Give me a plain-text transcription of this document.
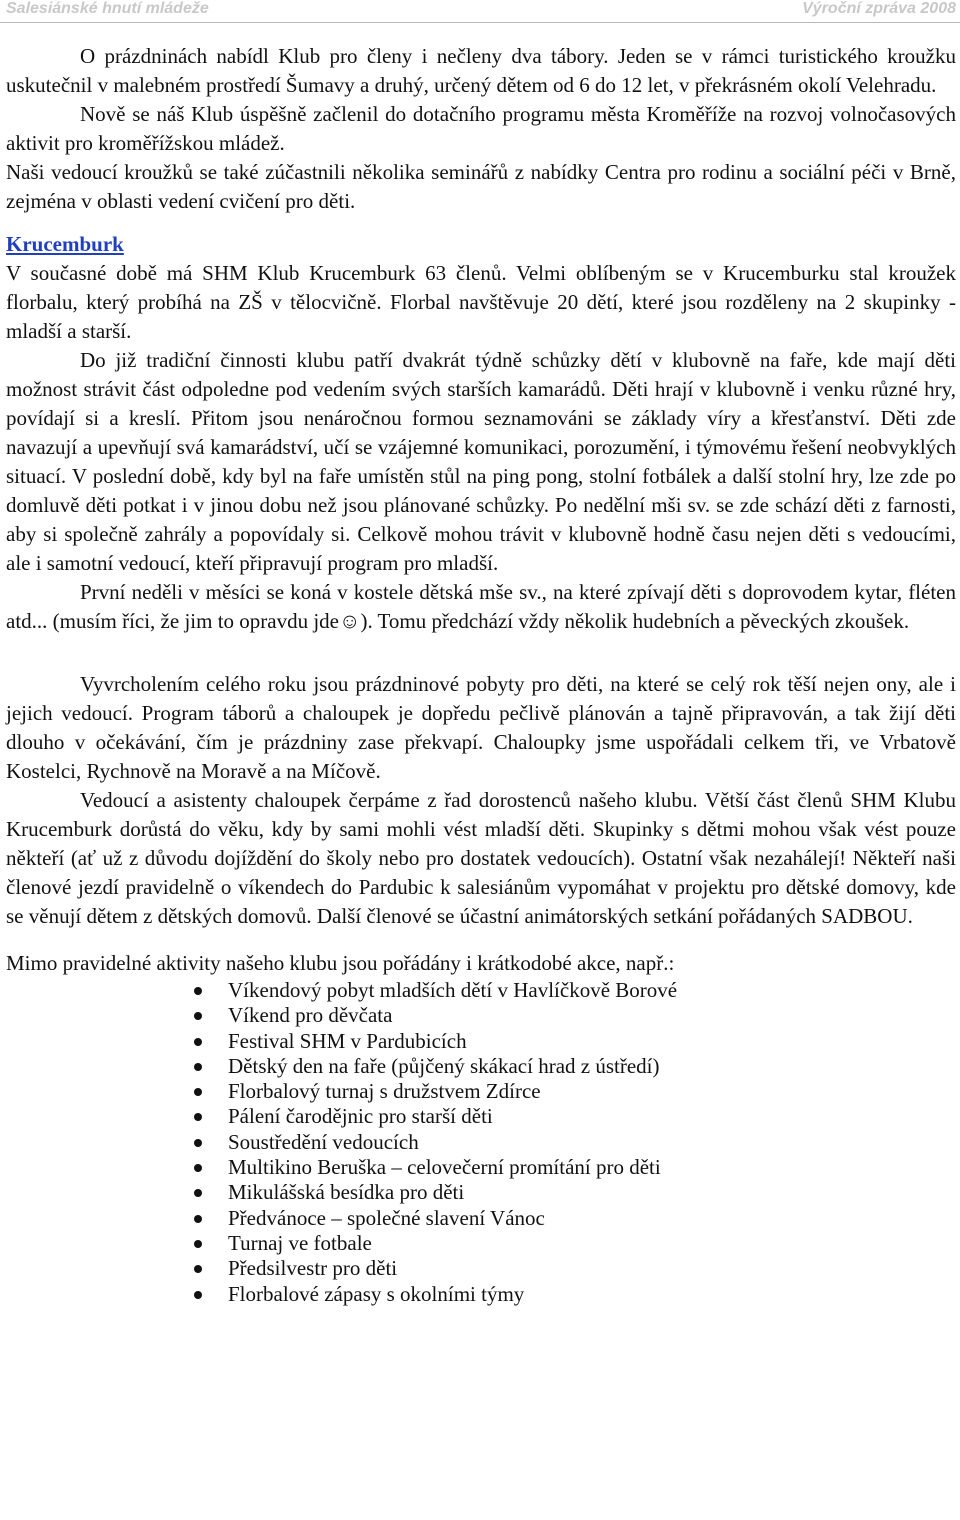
Salesiánské hnutí mládeže	Výroční zpráva 2008

O prázdninách nabídl Klub pro členy i nečleny dva tábory. Jeden se v rámci turistického kroužku uskutečnil v malebném prostředí Šumavy a druhý, určený dětem od 6 do 12 let, v překrásném okolí Velehradu.

Nově se náš Klub úspěšně začlenil do dotačního programu města Kroměříže na rozvoj volnočasových aktivit pro kroměřížskou mládež.

Naši vedoucí kroužků se také zúčastnili několika seminářů z nabídky Centra pro rodinu a sociální péči v Brně, zejména v oblasti vedení cvičení pro děti.

Krucemburk

V současné době má SHM Klub Krucemburk 63 členů. Velmi oblíbeným se v Krucemburku stal kroužek florbalu, který probíhá na ZŠ v tělocvičně. Florbal navštěvuje 20 dětí, které jsou rozděleny na 2 skupinky - mladší a starší.

Do již tradiční činnosti klubu patří dvakrát týdně schůzky dětí v klubovně na faře, kde mají děti možnost strávit část odpoledne pod vedením svých starších kamarádů. Děti hrají v klubovně i venku různé hry, povídají si a kreslí. Přitom jsou nenáročnou formou seznamováni se základy víry a křesťanství. Děti zde navazují a upevňují svá kamarádství, učí se vzájemné komunikaci, porozumění, i týmovému řešení neobvyklých situací. V poslední době, kdy byl na faře umístěn stůl na ping pong, stolní fotbálek a další stolní hry, lze zde po domluvě děti potkat i v jinou dobu než jsou plánované schůzky. Po nedělní mši sv. se zde schází děti z farnosti, aby si společně zahrály a popovídaly si. Celkově mohou trávit v klubovně hodně času nejen děti s vedoucími, ale i samotní vedoucí, kteří připravují program pro mladší.

První neděli v měsíci se koná v kostele dětská mše sv., na které zpívají děti s doprovodem kytar, fléten atd... (musím říci, že jim to opravdu jde☺). Tomu předchází vždy několik hudebních a pěveckých zkoušek.

Vyvrcholením celého roku jsou prázdninové pobyty pro děti, na které se celý rok těší nejen ony, ale i jejich vedoucí. Program táborů a chaloupek je dopředu pečlivě plánován a tajně připravován, a tak žijí děti dlouho v očekávání, čím je prázdniny zase překvapí. Chaloupky jsme uspořádali celkem tři, ve Vrbatově Kostelci, Rychnově na Moravě a na Míčově.

Vedoucí a asistenty chaloupek čerpáme z řad dorostenců našeho klubu. Větší část členů SHM Klubu Krucemburk dorůstá do věku, kdy by sami mohli vést mladší děti. Skupinky s dětmi mohou však vést pouze někteří (ať už z důvodu dojíždění do školy nebo pro dostatek vedoucích). Ostatní však nezahálejí! Někteří naši členové jezdí pravidelně o víkendech do Pardubic k salesiánům vypomáhat v projektu pro dětské domovy, kde se věnují dětem z dětských domovů. Další členové se účastní animátorských setkání pořádaných SADBOU.

Mimo pravidelné aktivity našeho klubu jsou pořádány i krátkodobé akce, např.:

Víkendový pobyt mladších dětí v Havlíčkově Borové
Víkend pro děvčata
Festival SHM v Pardubicích
Dětský den na faře (půjčený skákací hrad z ústředí)
Florbalový turnaj s družstvem Zdírce
Pálení čarodějnic pro starší děti
Soustředění vedoucích
Multikino Beruška – celovečerní promítání pro děti
Mikulášská besídka pro děti
Předvánoce – společné slavení Vánoc
Turnaj ve fotbale
Předsilvestr pro děti
Florbalové zápasy s okolními týmy
